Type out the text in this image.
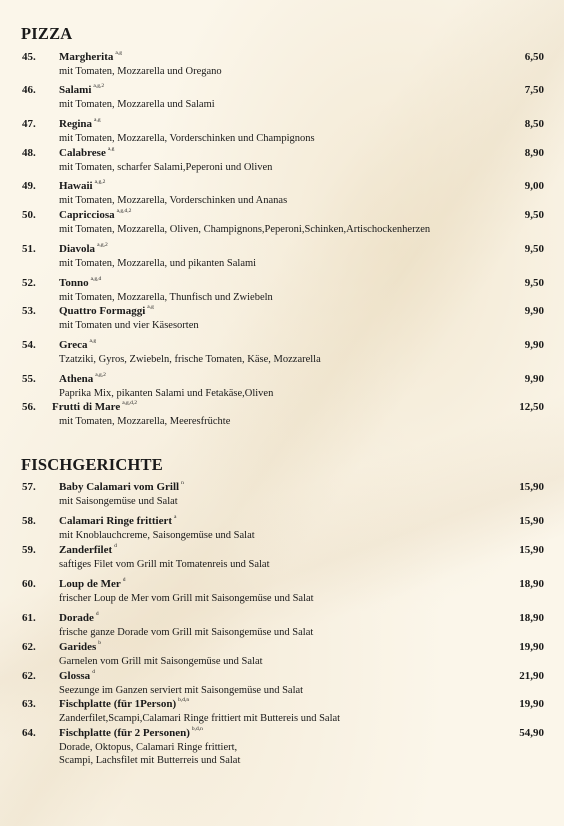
PIZZA
45. Margherita $^{a,g}$	6,50
mit Tomaten, Mozzarella und Oregano
46. Salami $^{a,g,2}$	7,50
mit Tomaten, Mozzarella und Salami
47. Regina $^{a,g}$	8,50
mit Tomaten, Mozzarella, Vorderschinken und Champignons
48. Calabrese $^{a,g}$	8,90
mit Tomaten, scharfer Salami,Peperoni und Oliven
49. Hawaii $^{a,g,2}$	9,00
mit Tomaten, Mozzarella, Vorderschinken und Ananas
50. Capricciosa $^{a,g,d,2}$	9,50
mit Tomaten, Mozzarella, Oliven, Champignons,Peperoni,Schinken,Artischockenherzen
51. Diavola $^{a,g,2}$	9,50
mit Tomaten, Mozzarella, und pikanten Salami
52. Tonno $^{a,g,d}$	9,50
mit Tomaten, Mozzarella, Thunfisch und Zwiebeln
53. Quattro Formaggi $^{a,g}$	9,90
mit Tomaten und vier Käsesorten
54. Greca $^{a,g}$	9,90
Tzatziki, Gyros, Zwiebeln, frische Tomaten, Käse, Mozzarella
55. Athena $^{a,g,2}$	9,90
Paprika Mix, pikanten Salami und Fetakäse,Oliven
56. Frutti di Mare $^{a,g,d,2}$	12,50
mit Tomaten, Mozzarella, Meeresfrüchte
FISCHGERICHTE
57. Baby Calamari vom Grill $^n$	15,90
mit Saisongemüse und Salat
58. Calamari Ringe frittiert $^a$	15,90
mit Knoblauchcreme, Saisongemüse und Salat
59. Zanderfilet $^d$	15,90
saftiges Filet vom Grill mit Tomatenreis und Salat
60. Loup de Mer $^d$	18,90
frischer Loup de Mer vom Grill mit Saisongemüse und Salat
61. Dorade $^d$	18,90
frische ganze Dorade vom Grill mit Saisongemüse und Salat
62. Garides $^b$	19,90
Garnelen vom Grill mit Saisongemüse und Salat
62. Glossa $^d$	21,90
Seezunge im Ganzen serviert mit Saisongemüse und Salat
63. Fischplatte (für 1Person) $^{b,d,n}$	19,90
Zanderfilet,Scampi,Calamari Ringe frittiert mit Buttereis und Salat
64. Fischplatte (für 2 Personen) $^{b,d,n}$	54,90
Dorade, Oktopus, Calamari Ringe frittiert,
Scampi, Lachsfilet mit Butterreis und Salat
